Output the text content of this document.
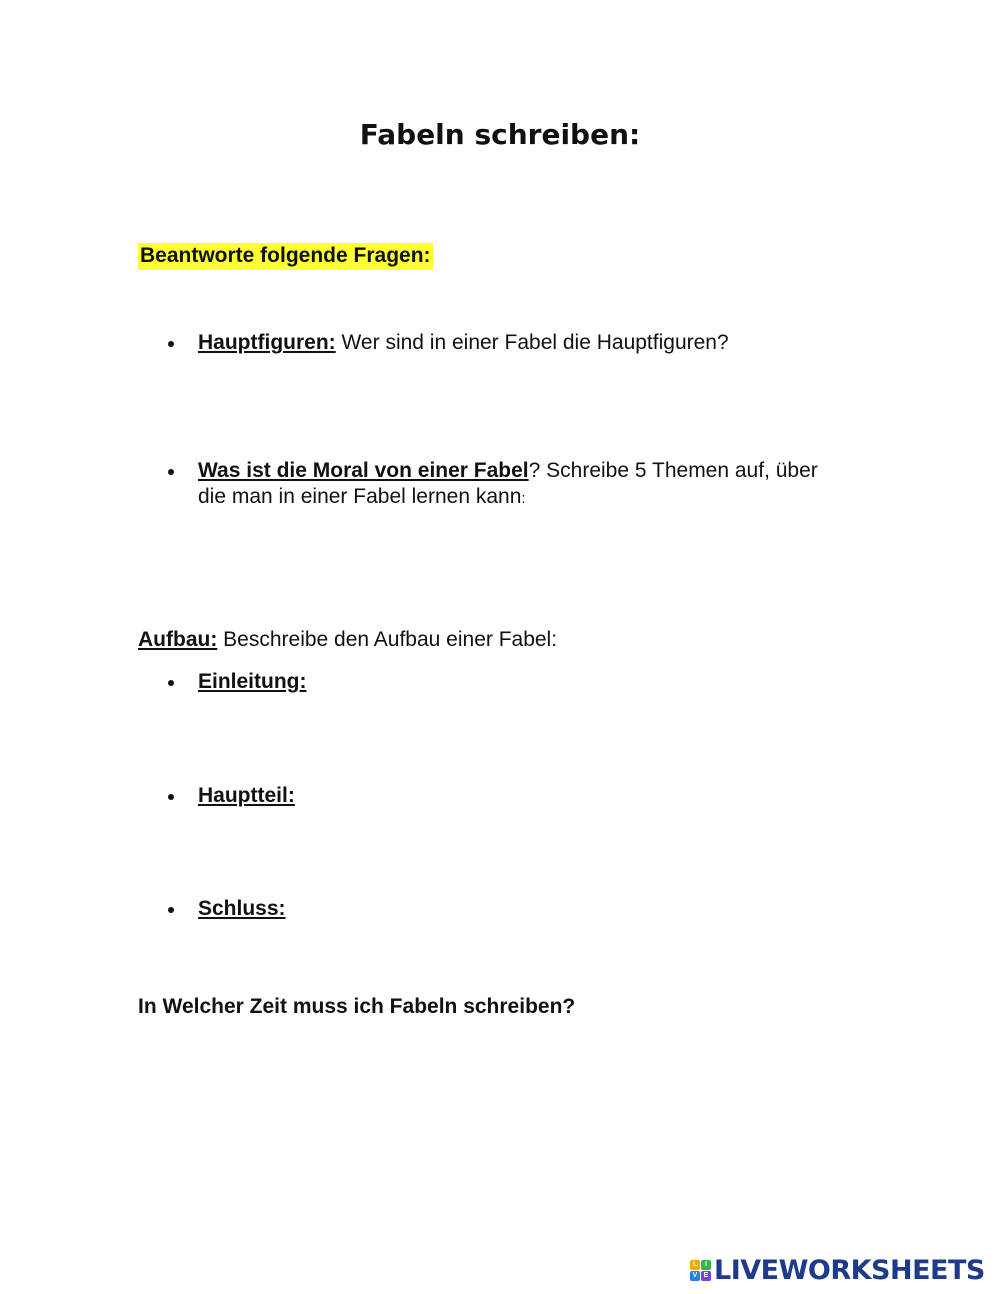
Fabeln schreiben:
Beantworte folgende Fragen:
Hauptfiguren: Wer sind in einer Fabel die Hauptfiguren?
Was ist die Moral von einer Fabel? Schreibe 5 Themen auf, über die man in einer Fabel lernen kann:
Aufbau: Beschreibe den Aufbau einer Fabel:
Einleitung:
Hauptteil:
Schluss:
In Welcher Zeit muss ich Fabeln schreiben?
L	I
V E LIVEWORKSHEETS
